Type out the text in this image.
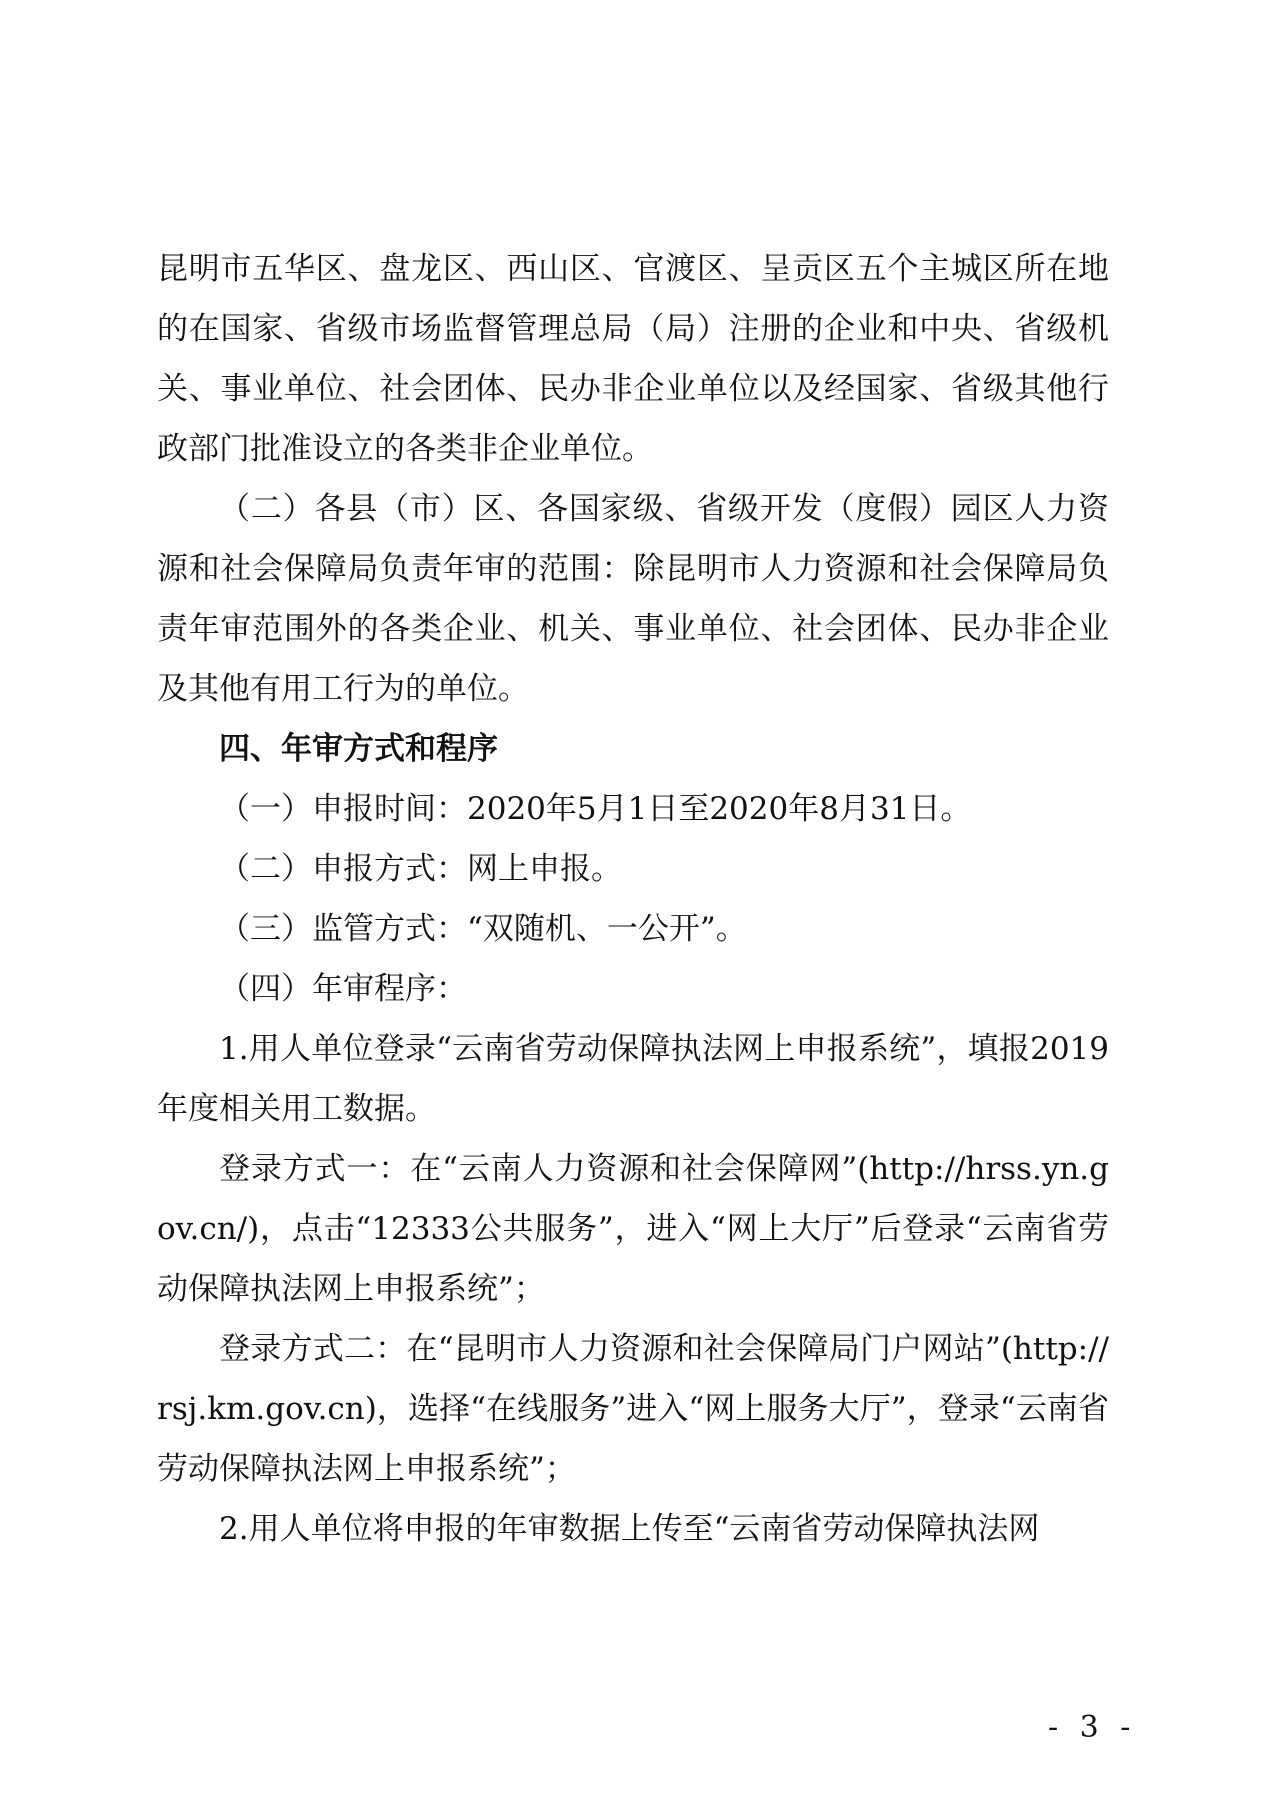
昆明市五华区、盘龙区、西山区、官渡区、呈贡区五个主城区所在地的在国家、省级市场监督管理总局（局）注册的企业和中央、省级机关、事业单位、社会团体、民办非企业单位以及经国家、省级其他行政部门批准设立的各类非企业单位。

（二）各县（市）区、各国家级、省级开发（度假）园区人力资源和社会保障局负责年审的范围：除昆明市人力资源和社会保障局负责年审范围外的各类企业、机关、事业单位、社会团体、民办非企业及其他有用工行为的单位。

四、年审方式和程序

（一）申报时间：2020年5月1日至2020年8月31日。

（二）申报方式：网上申报。

（三）监管方式：“双随机、一公开”。

（四）年审程序：

1.用人单位登录“云南省劳动保障执法网上申报系统”，填报2019年度相关用工数据。

登录方式一：在“云南人力资源和社会保障网”(http://hrss.yn.gov.cn/)，点击“12333公共服务”，进入“网上大厅”后登录“云南省劳动保障执法网上申报系统”；

登录方式二：在“昆明市人力资源和社会保障局门户网站”(http://rsj.km.gov.cn)，选择“在线服务”进入“网上服务大厅”，登录“云南省劳动保障执法网上申报系统”；

2.用人单位将申报的年审数据上传至“云南省劳动保障执法网

- 3 -
